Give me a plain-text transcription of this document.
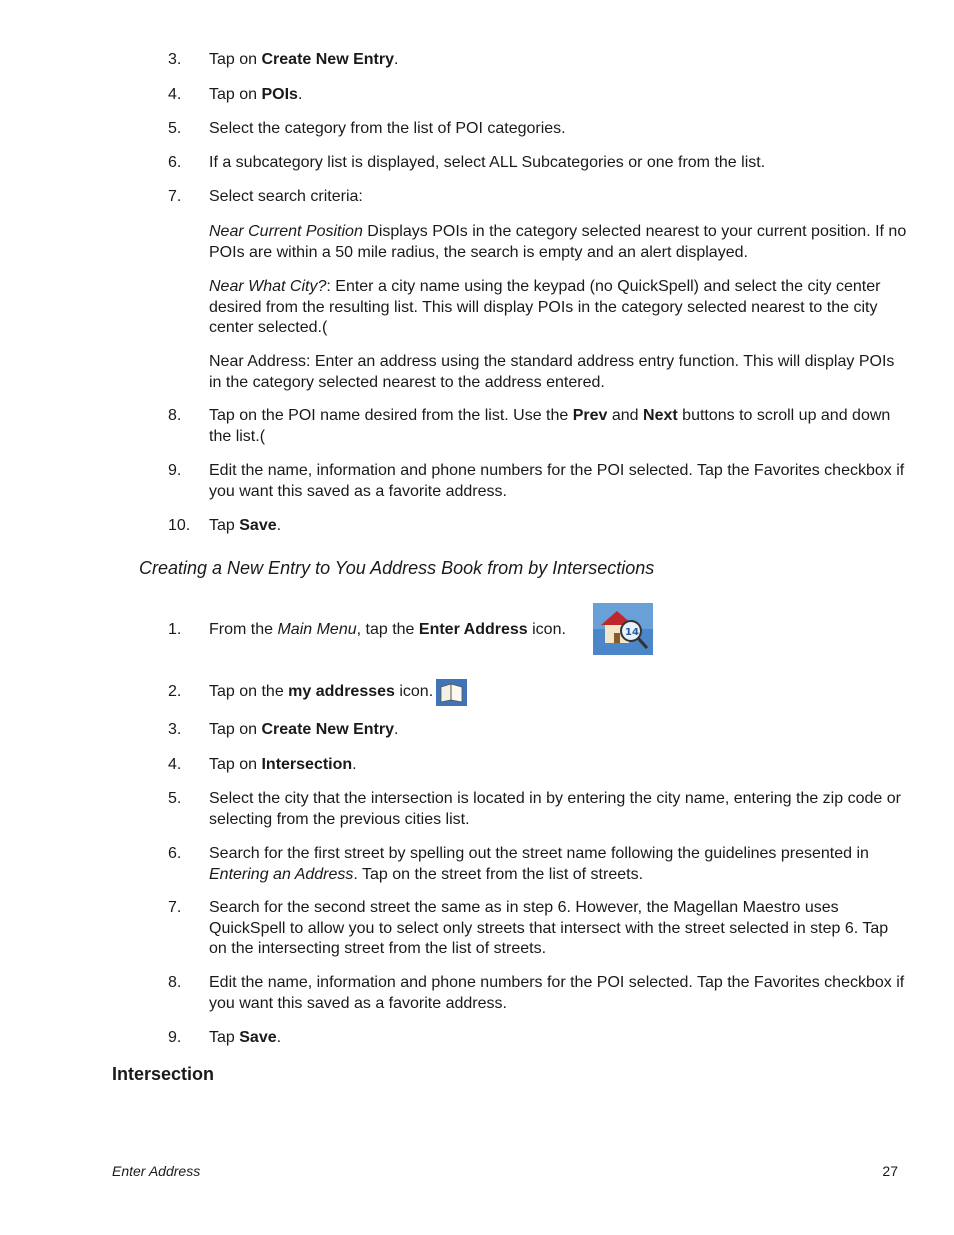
3.	Tap on Create New Entry.
4.	Tap on POIs.
5.	Select the category from the list of POI categories.
6.	If a subcategory list is displayed, select ALL Subcategories or one from the list.
7.	Select search criteria:
Near Current Position Displays POIs in the category selected nearest to your current position. If no POIs are within a 50 mile radius, the search is empty and an alert displayed.
Near What City?: Enter a city name using the keypad (no QuickSpell) and select the city center desired from the resulting list. This will display POIs in the category selected nearest to the city center selected.(
Near Address: Enter an address using the standard address entry function. This will display POIs in the category selected nearest to the address entered.
8.	Tap on the POI name desired from the list. Use the Prev and Next buttons to scroll up and down the list.(
9.	Edit the name, information and phone numbers for the POI selected. Tap the Favorites checkbox if you want this saved as a favorite address.
10.	Tap Save.
Creating a New Entry to You Address Book from by Intersections
1.	From the Main Menu, tap the Enter Address icon.	14
2.	Tap on the my addresses icon.
3.	Tap on Create New Entry.
4.	Tap on Intersection.
5.	Select the city that the intersection is located in by entering the city name, entering the zip code or selecting from the previous cities list.
6.	Search for the first street by spelling out the street name following the guidelines presented in Entering an Address. Tap on the street from the list of streets.
7.	Search for the second street the same as in step 6. However, the Magellan Maestro uses QuickSpell to allow you to select only streets that intersect with the street selected in step 6. Tap on the intersecting street from the list of streets.
8.	Edit the name, information and phone numbers for the POI selected. Tap the Favorites checkbox if you want this saved as a favorite address.
9.	Tap Save.
Intersection
Enter Address	27
